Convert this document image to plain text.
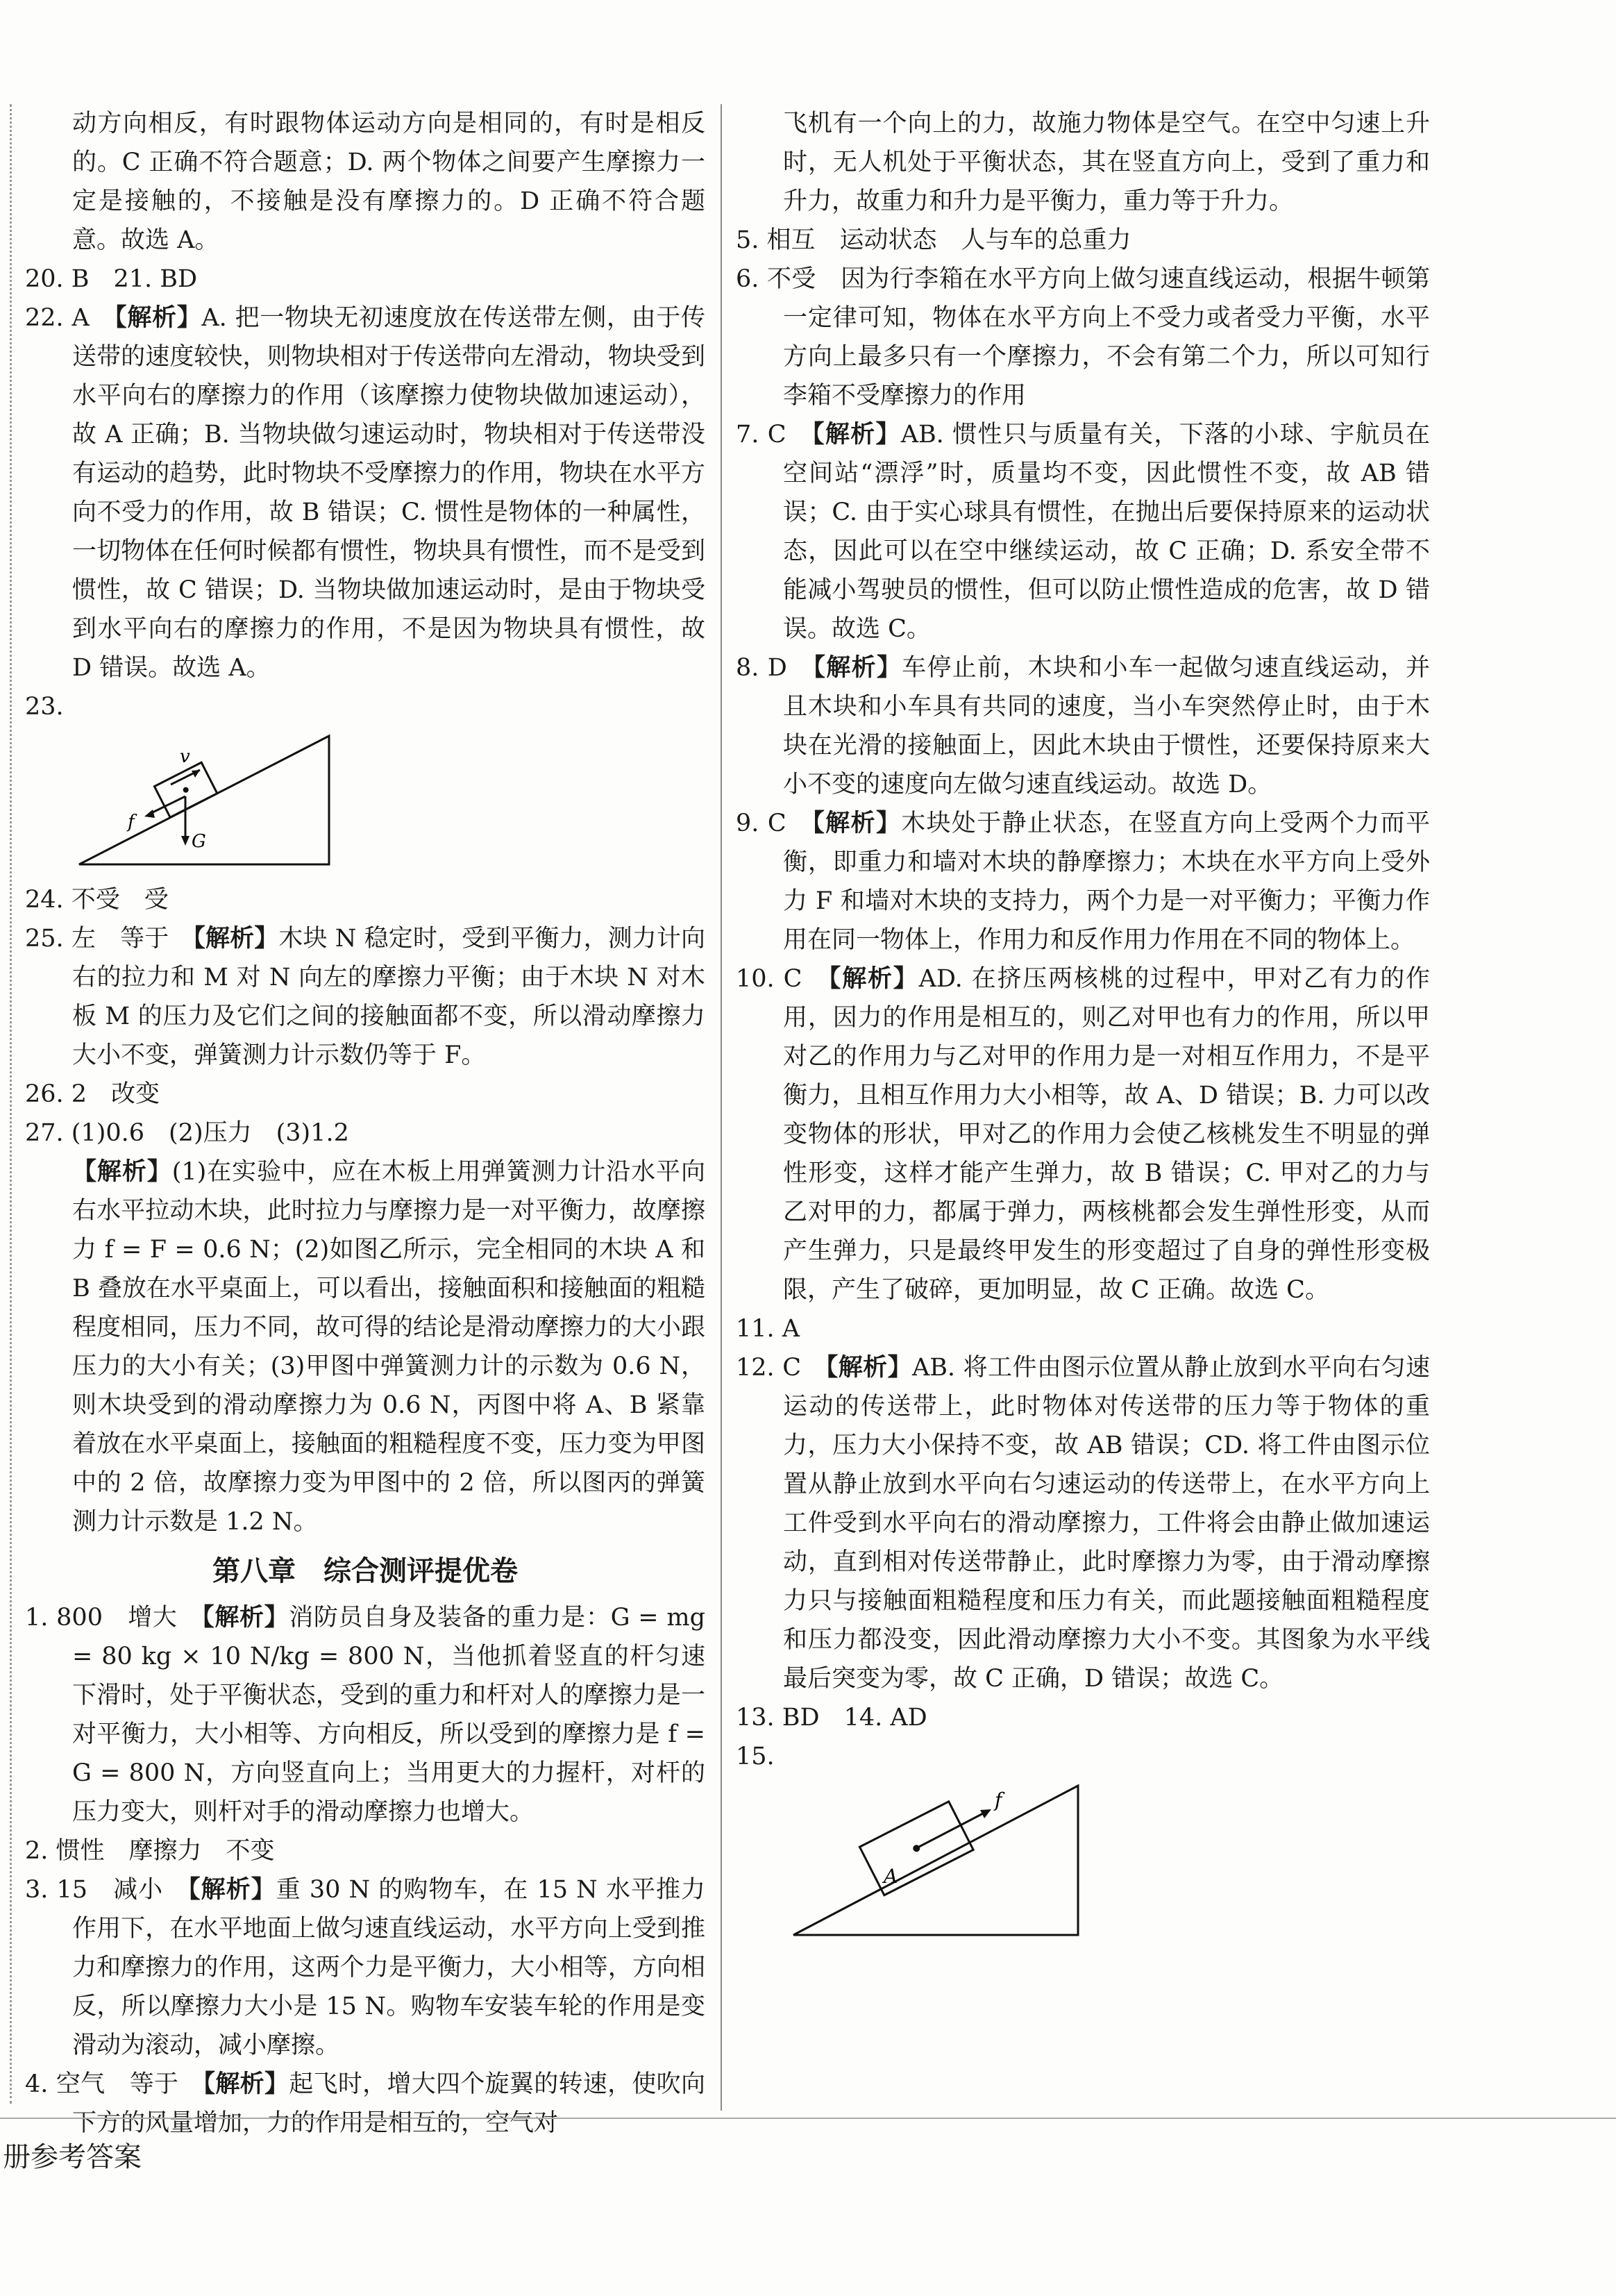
动方向相反，有时跟物体运动方向是相同的，有时是相反的。C 正确不符合题意；D. 两个物体之间要产生摩擦力一定是接触的，不接触是没有摩擦力的。D 正确不符合题意。故选 A。

20. B　21. BD

22. A　【解析】A. 把一物块无初速度放在传送带左侧，由于传送带的速度较快，则物块相对于传送带向左滑动，物块受到水平向右的摩擦力的作用（该摩擦力使物块做加速运动），故 A 正确；B. 当物块做匀速运动时，物块相对于传送带没有运动的趋势，此时物块不受摩擦力的作用，物块在水平方向不受力的作用，故 B 错误；C. 惯性是物体的一种属性，一切物体在任何时候都有惯性，物块具有惯性，而不是受到惯性，故 C 错误；D. 当物块做加速运动时，是由于物块受到水平向右的摩擦力的作用，不是因为物块具有惯性，故 D 错误。故选 A。

23.

v
G
f

24. 不受　受

25. 左　等于　【解析】木块 N 稳定时，受到平衡力，测力计向右的拉力和 M 对 N 向左的摩擦力平衡；由于木块 N 对木板 M 的压力及它们之间的接触面都不变，所以滑动摩擦力大小不变，弹簧测力计示数仍等于 F。

26. 2　改变

27. (1)0.6　(2)压力　(3)1.2

【解析】(1)在实验中，应在木板上用弹簧测力计沿水平向右水平拉动木块，此时拉力与摩擦力是一对平衡力，故摩擦力 f = F = 0.6 N；(2)如图乙所示，完全相同的木块 A 和 B 叠放在水平桌面上，可以看出，接触面积和接触面的粗糙程度相同，压力不同，故可得的结论是滑动摩擦力的大小跟压力的大小有关；(3)甲图中弹簧测力计的示数为 0.6 N，则木块受到的滑动摩擦力为 0.6 N，丙图中将 A、B 紧靠着放在水平桌面上，接触面的粗糙程度不变，压力变为甲图中的 2 倍，故摩擦力变为甲图中的 2 倍，所以图丙的弹簧测力计示数是 1.2 N。

第八章　综合测评提优卷

1. 800　增大　【解析】消防员自身及装备的重力是：G = mg = 80 kg × 10 N/kg = 800 N，当他抓着竖直的杆匀速下滑时，处于平衡状态，受到的重力和杆对人的摩擦力是一对平衡力，大小相等、方向相反，所以受到的摩擦力是 f = G = 800 N，方向竖直向上；当用更大的力握杆，对杆的压力变大，则杆对手的滑动摩擦力也增大。

2. 惯性　摩擦力　不变

3. 15　减小　【解析】重 30 N 的购物车，在 15 N 水平推力作用下，在水平地面上做匀速直线运动，水平方向上受到推力和摩擦力的作用，这两个力是平衡力，大小相等，方向相反，所以摩擦力大小是 15 N。购物车安装车轮的作用是变滑动为滚动，减小摩擦。

4. 空气　等于　【解析】起飞时，增大四个旋翼的转速，使吹向下方的风量增加，力的作用是相互的，空气对

飞机有一个向上的力，故施力物体是空气。在空中匀速上升时，无人机处于平衡状态，其在竖直方向上，受到了重力和升力，故重力和升力是平衡力，重力等于升力。

5. 相互　运动状态　人与车的总重力

6. 不受　因为行李箱在水平方向上做匀速直线运动，根据牛顿第一定律可知，物体在水平方向上不受力或者受力平衡，水平方向上最多只有一个摩擦力，不会有第二个力，所以可知行李箱不受摩擦力的作用

7. C　【解析】AB. 惯性只与质量有关，下落的小球、宇航员在空间站“漂浮”时，质量均不变，因此惯性不变，故 AB 错误；C. 由于实心球具有惯性，在抛出后要保持原来的运动状态，因此可以在空中继续运动，故 C 正确；D. 系安全带不能减小驾驶员的惯性，但可以防止惯性造成的危害，故 D 错误。故选 C。

8. D　【解析】车停止前，木块和小车一起做匀速直线运动，并且木块和小车具有共同的速度，当小车突然停止时，由于木块在光滑的接触面上，因此木块由于惯性，还要保持原来大小不变的速度向左做匀速直线运动。故选 D。

9. C　【解析】木块处于静止状态，在竖直方向上受两个力而平衡，即重力和墙对木块的静摩擦力；木块在水平方向上受外力 F 和墙对木块的支持力，两个力是一对平衡力；平衡力作用在同一物体上，作用力和反作用力作用在不同的物体上。

10. C　【解析】AD. 在挤压两核桃的过程中，甲对乙有力的作用，因力的作用是相互的，则乙对甲也有力的作用，所以甲对乙的作用力与乙对甲的作用力是一对相互作用力，不是平衡力，且相互作用力大小相等，故 A、D 错误；B. 力可以改变物体的形状，甲对乙的作用力会使乙核桃发生不明显的弹性形变，这样才能产生弹力，故 B 错误；C. 甲对乙的力与乙对甲的力，都属于弹力，两核桃都会发生弹性形变，从而产生弹力，只是最终甲发生的形变超过了自身的弹性形变极限，产生了破碎，更加明显，故 C 正确。故选 C。

11. A

12. C　【解析】AB. 将工件由图示位置从静止放到水平向右匀速运动的传送带上，此时物体对传送带的压力等于物体的重力，压力大小保持不变，故 AB 错误；CD. 将工件由图示位置从静止放到水平向右匀速运动的传送带上，在水平方向上工件受到水平向右的滑动摩擦力，工件将会由静止做加速运动，直到相对传送带静止，此时摩擦力为零，由于滑动摩擦力只与接触面粗糙程度和压力有关，而此题接触面粗糙程度和压力都没变，因此滑动摩擦力大小不变。其图象为水平线最后突变为零，故 C 正确，D 错误；故选 C。

13. BD　14. AD

15.

f
A
册参考答案
